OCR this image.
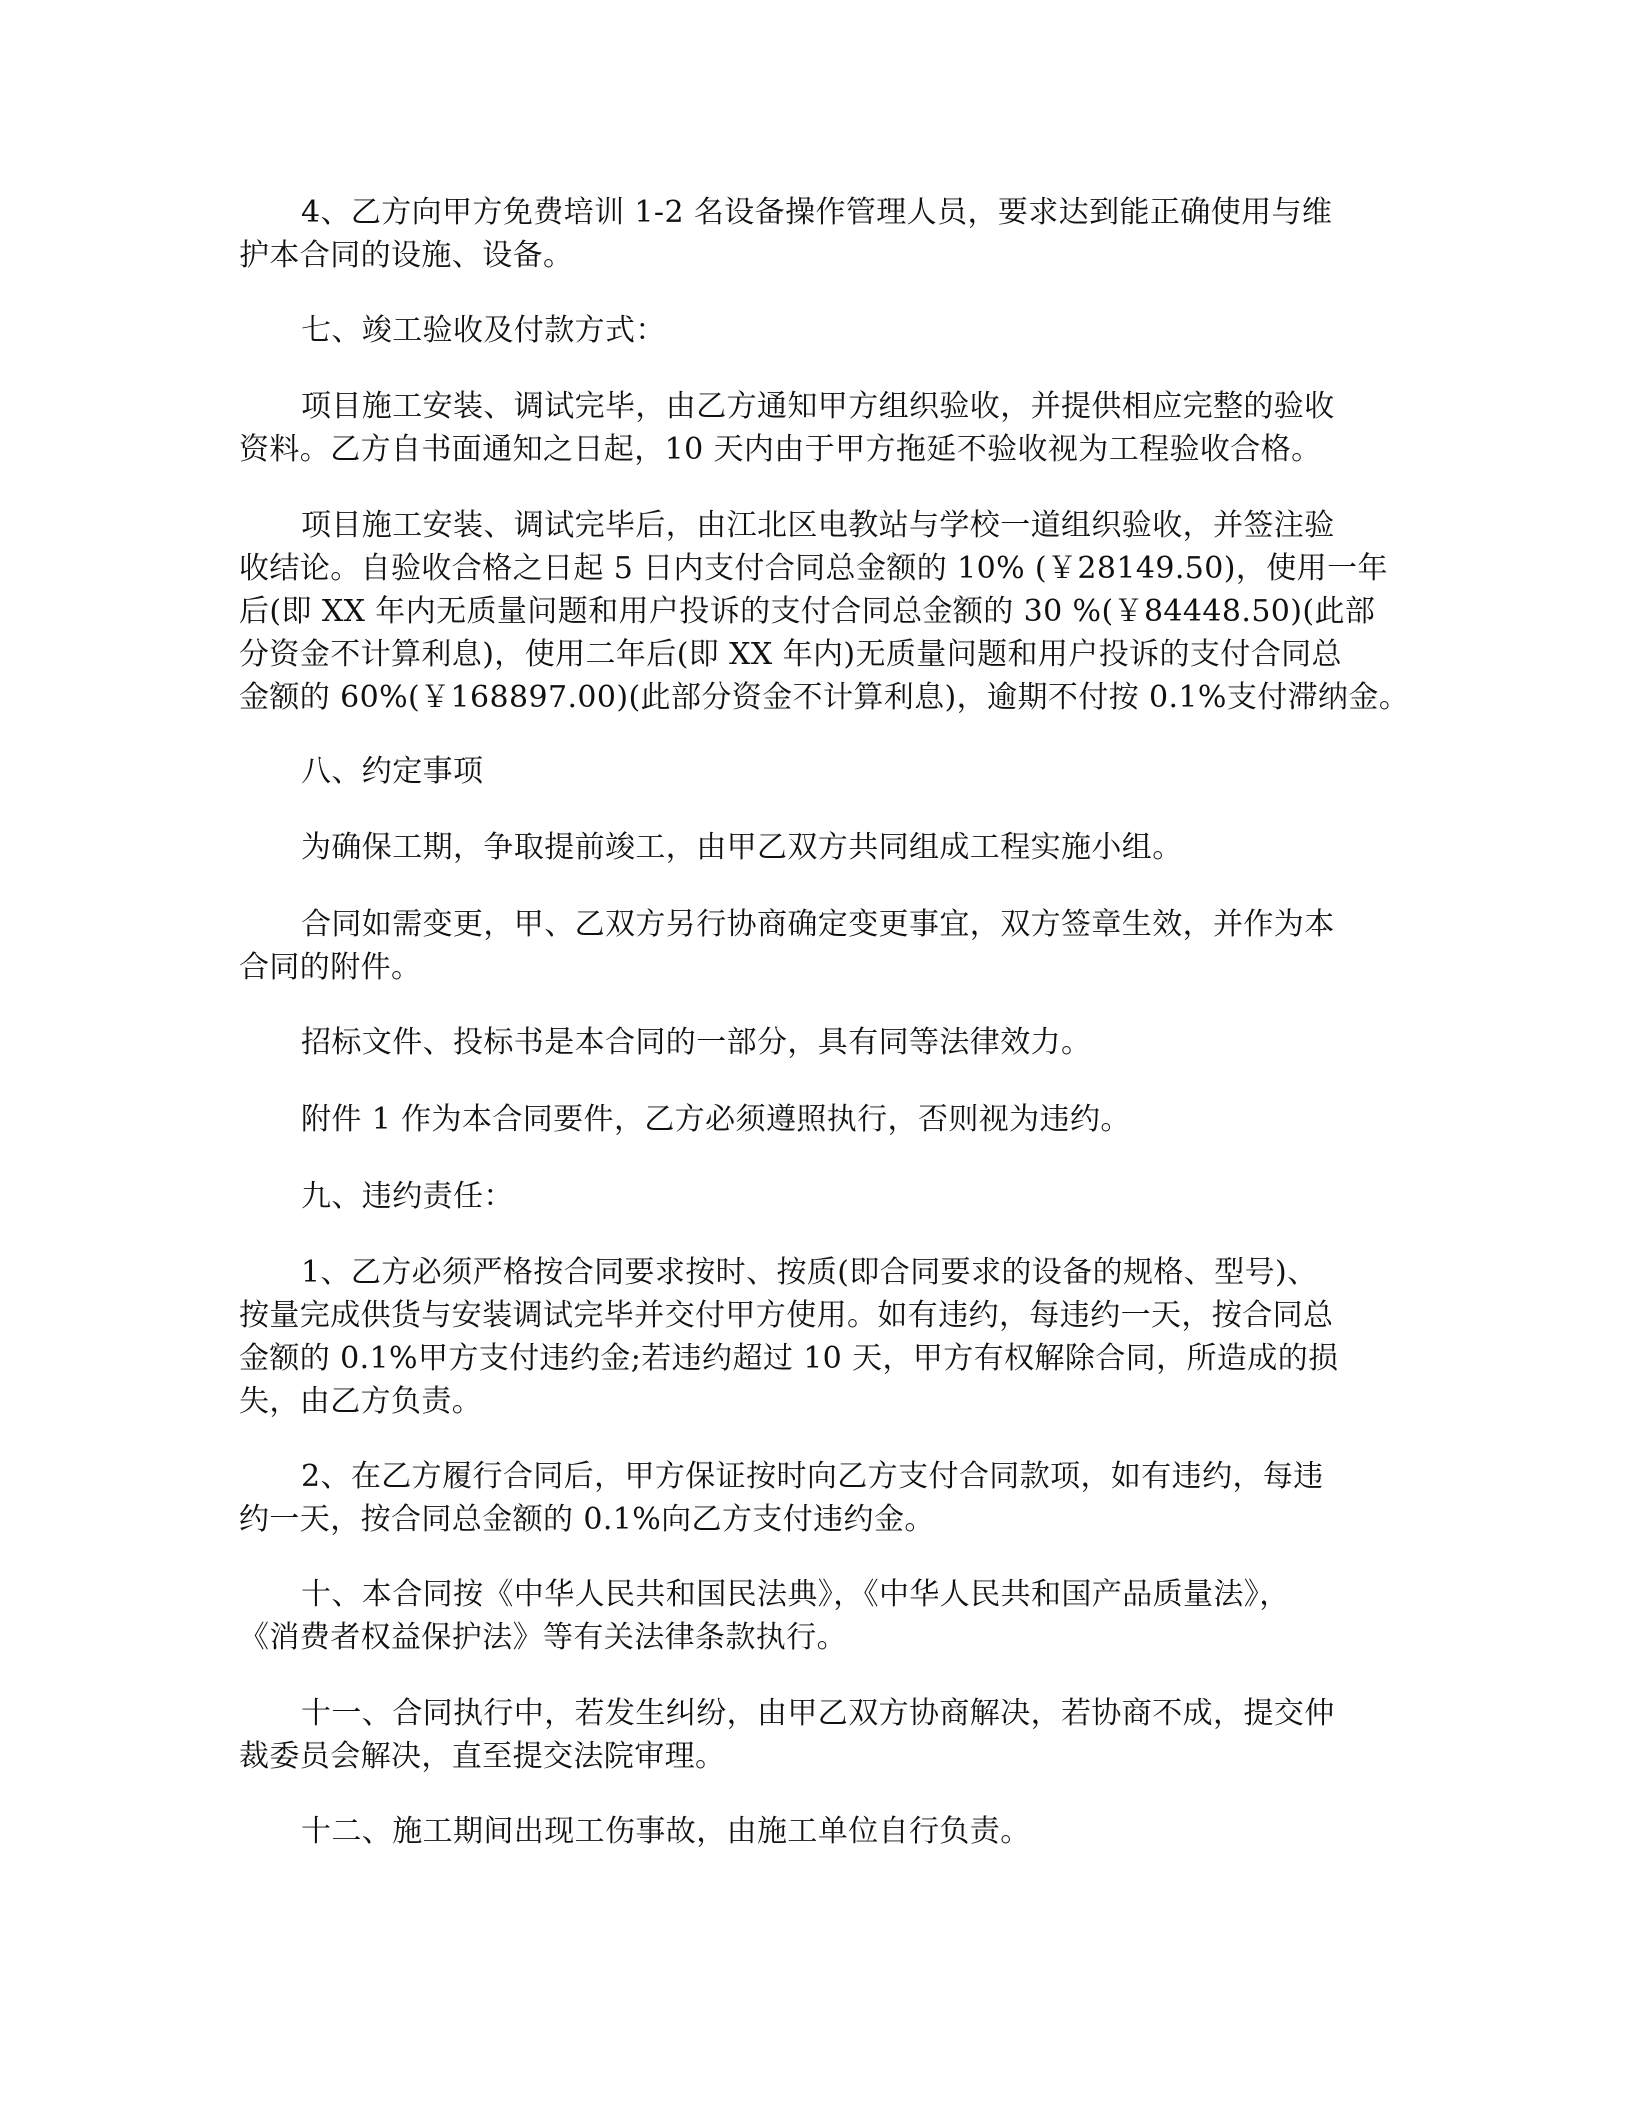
4、乙方向甲方免费培训 1-2 名设备操作管理人员，要求达到能正确使用与维
护本合同的设施、设备。

七、竣工验收及付款方式：

项目施工安装、调试完毕，由乙方通知甲方组织验收，并提供相应完整的验收
资料。乙方自书面通知之日起，10 天内由于甲方拖延不验收视为工程验收合格。

项目施工安装、调试完毕后，由江北区电教站与学校一道组织验收，并签注验
收结论。自验收合格之日起 5 日内支付合同总金额的 10% (￥28149.50)，使用一年
后(即 XX 年内无质量问题和用户投诉的支付合同总金额的 30 %(￥84448.50)(此部
分资金不计算利息)，使用二年后(即 XX 年内)无质量问题和用户投诉的支付合同总
金额的 60%(￥168897.00)(此部分资金不计算利息)，逾期不付按 0.1%支付滞纳金。

八、约定事项

为确保工期，争取提前竣工，由甲乙双方共同组成工程实施小组。

合同如需变更，甲、乙双方另行协商确定变更事宜，双方签章生效，并作为本
合同的附件。

招标文件、投标书是本合同的一部分，具有同等法律效力。

附件 1 作为本合同要件，乙方必须遵照执行，否则视为违约。

九、违约责任：

1、乙方必须严格按合同要求按时、按质(即合同要求的设备的规格、型号)、
按量完成供货与安装调试完毕并交付甲方使用。如有违约，每违约一天，按合同总
金额的 0.1%甲方支付违约金;若违约超过 10 天，甲方有权解除合同，所造成的损
失，由乙方负责。

2、在乙方履行合同后，甲方保证按时向乙方支付合同款项，如有违约，每违
约一天，按合同总金额的 0.1%向乙方支付违约金。

十、本合同按《中华人民共和国民法典》，《中华人民共和国产品质量法》，
《消费者权益保护法》等有关法律条款执行。

十一、合同执行中，若发生纠纷，由甲乙双方协商解决，若协商不成，提交仲
裁委员会解决，直至提交法院审理。

十二、施工期间出现工伤事故，由施工单位自行负责。
